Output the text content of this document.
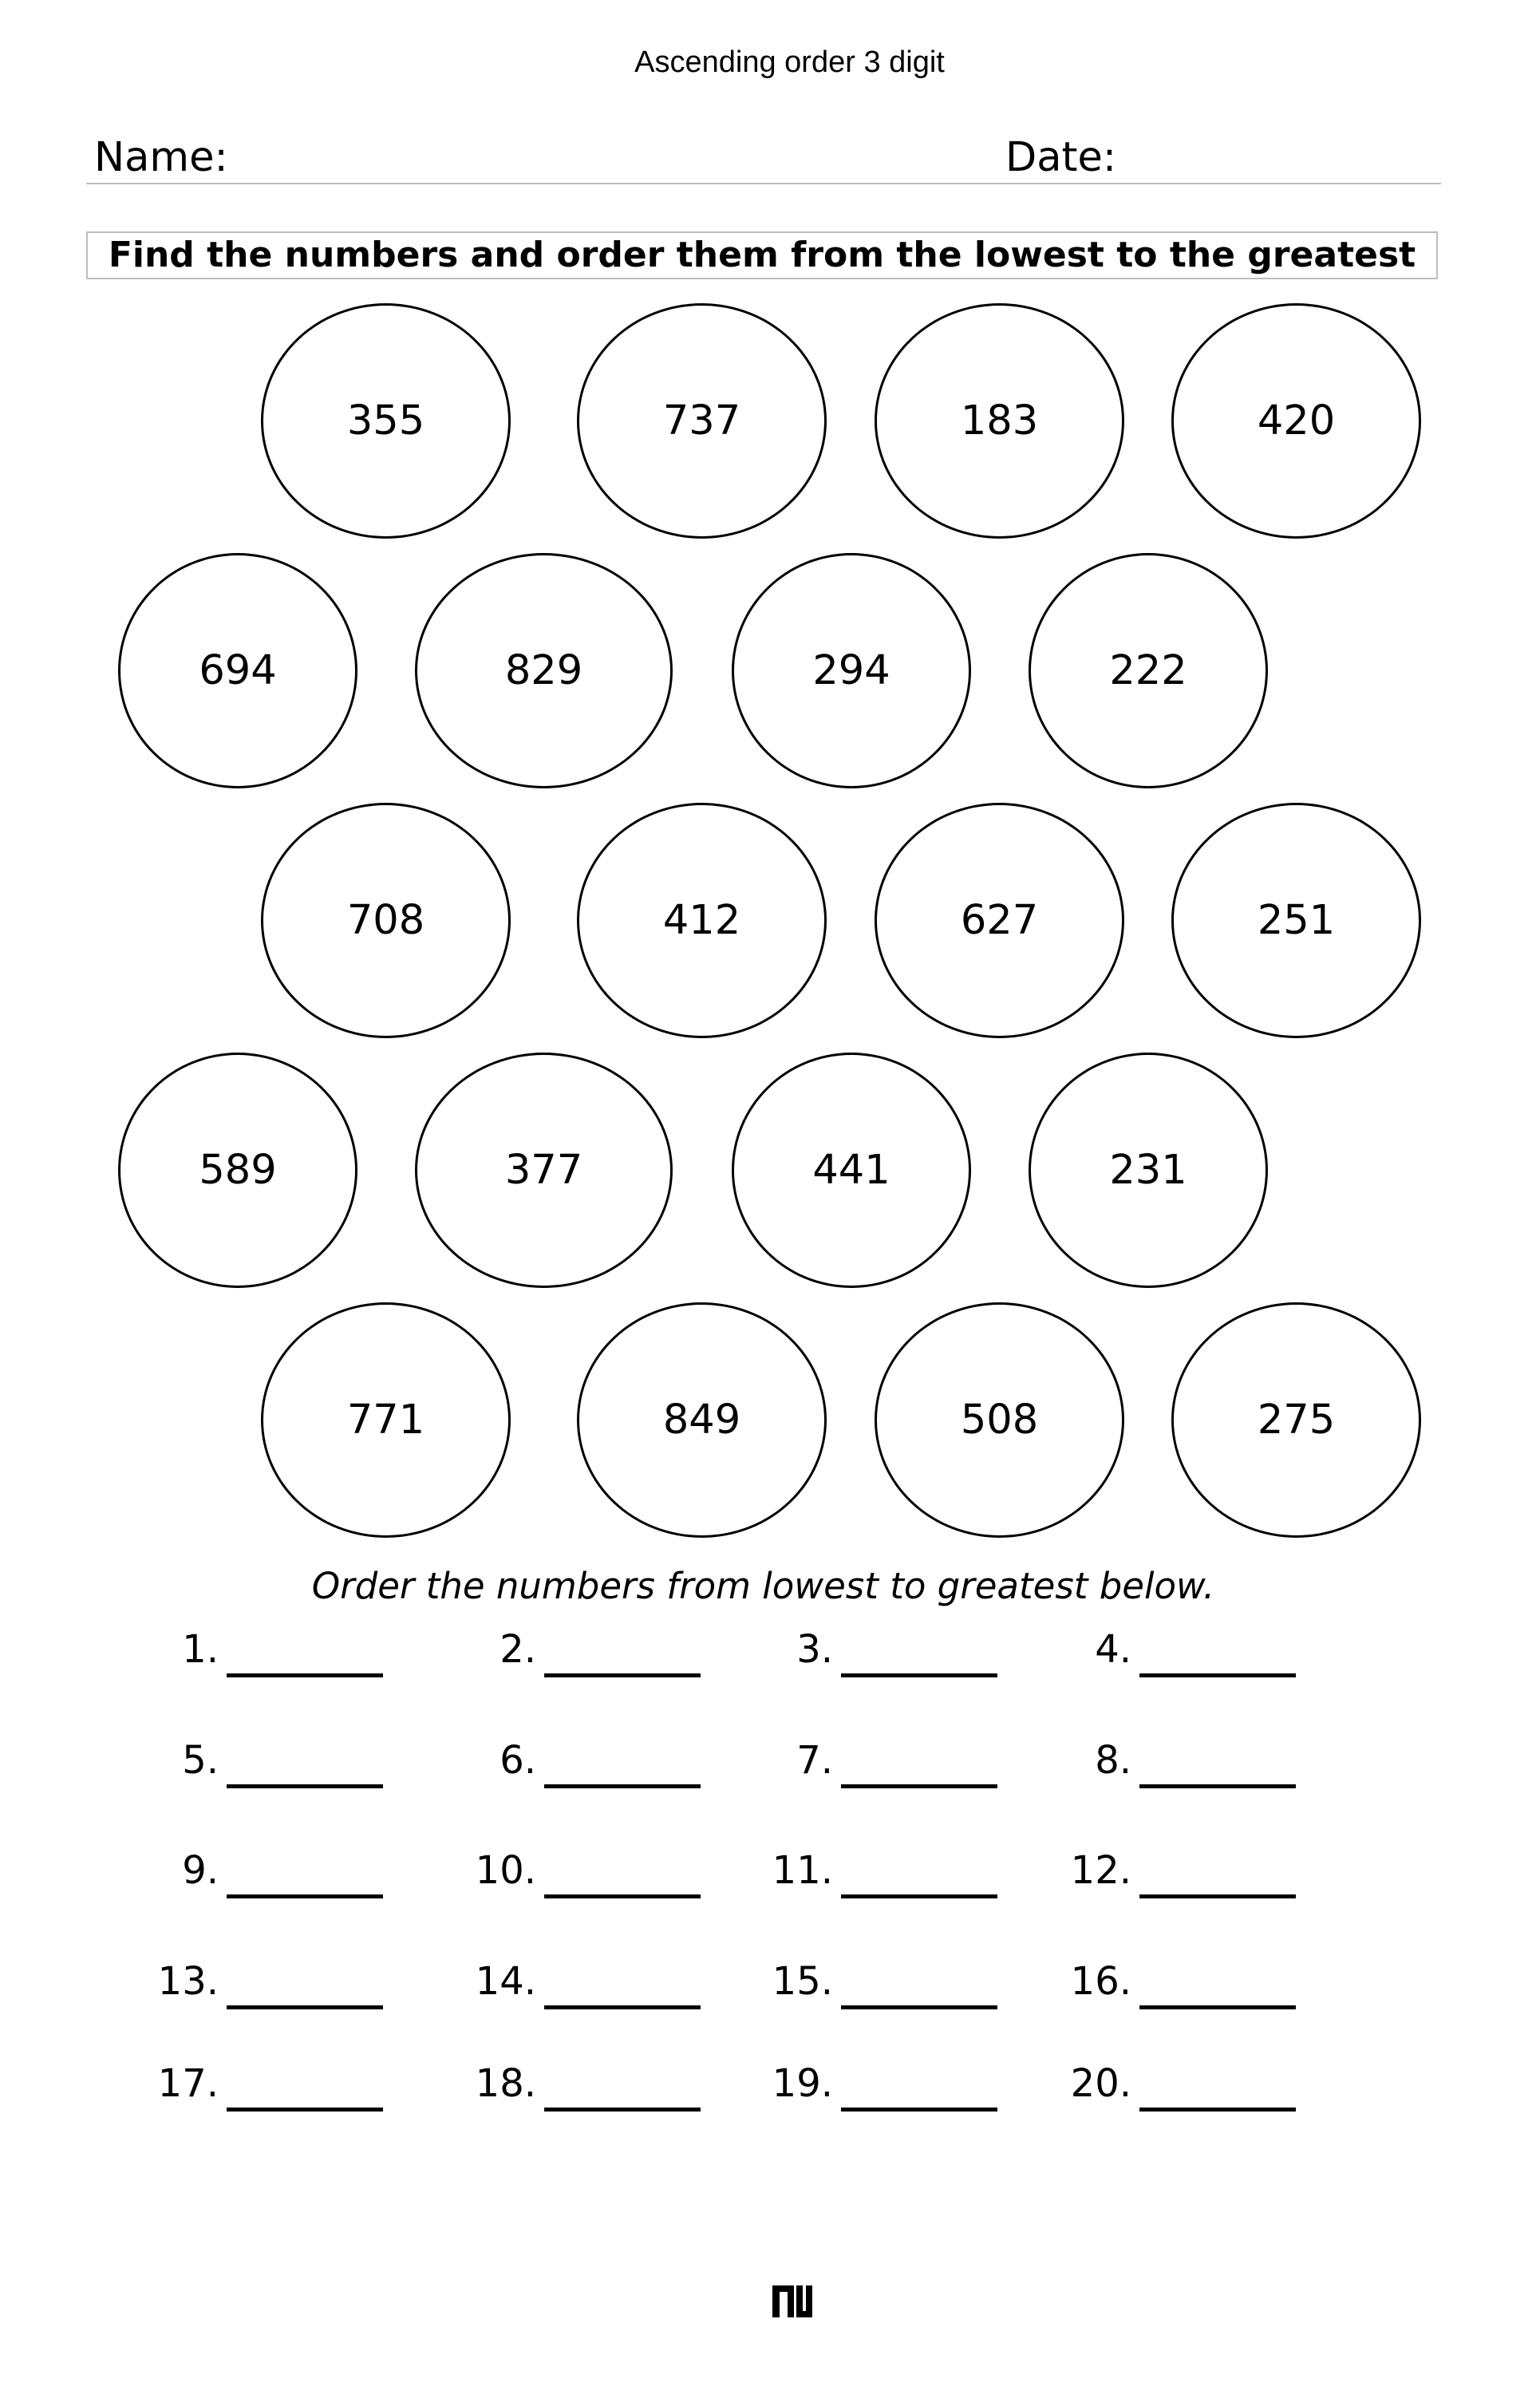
Ascending order 3 digit
Name:	Date:
Find the numbers and order them from the lowest to the greatest
355	737	183	420
694	829	294	222
708	412	627	251
589	377	441	231
771	849	508	275
Order the numbers from lowest to greatest below.
1.	2.	3.	4.
5.	6.	7.	8.
9.	10.	11.	12.
13.	14.	15.	16.
17.	18.	19.	20.
